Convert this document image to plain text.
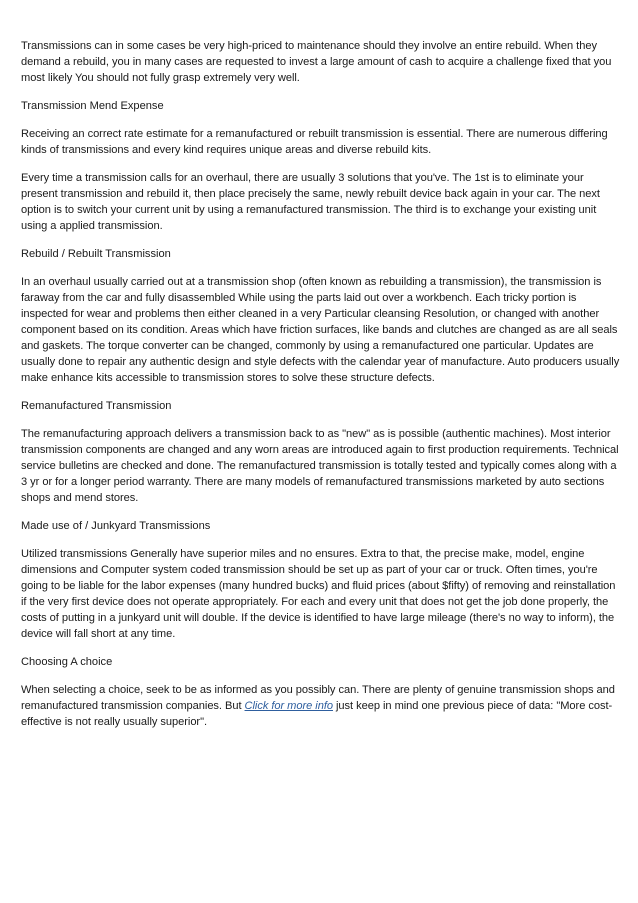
Transmissions can in some cases be very high-priced to maintenance should they involve an entire rebuild. When they demand a rebuild, you in many cases are requested to invest a large amount of cash to acquire a challenge fixed that you most likely You should not fully grasp extremely very well.

Transmission Mend Expense

Receiving an correct rate estimate for a remanufactured or rebuilt transmission is essential. There are numerous differing kinds of transmissions and every kind requires unique areas and diverse rebuild kits.

Every time a transmission calls for an overhaul, there are usually 3 solutions that you've. The 1st is to eliminate your present transmission and rebuild it, then place precisely the same, newly rebuilt device back again in your car. The next option is to switch your current unit by using a remanufactured transmission. The third is to exchange your existing unit using a applied transmission.

Rebuild / Rebuilt Transmission

In an overhaul usually carried out at a transmission shop (often known as rebuilding a transmission), the transmission is faraway from the car and fully disassembled While using the parts laid out over a workbench. Each tricky portion is inspected for wear and problems then either cleaned in a very Particular cleansing Resolution, or changed with another component based on its condition. Areas which have friction surfaces, like bands and clutches are changed as are all seals and gaskets. The torque converter can be changed, commonly by using a remanufactured one particular. Updates are usually done to repair any authentic design and style defects with the calendar year of manufacture. Auto producers usually make enhance kits accessible to transmission stores to solve these structure defects.

Remanufactured Transmission

The remanufacturing approach delivers a transmission back to as "new" as is possible (authentic machines). Most interior transmission components are changed and any worn areas are introduced again to first production requirements. Technical service bulletins are checked and done. The remanufactured transmission is totally tested and typically comes along with a 3 yr or for a longer period warranty. There are many models of remanufactured transmissions marketed by auto sections shops and mend stores.

Made use of / Junkyard Transmissions

Utilized transmissions Generally have superior miles and no ensures. Extra to that, the precise make, model, engine dimensions and Computer system coded transmission should be set up as part of your car or truck. Often times, you're going to be liable for the labor expenses (many hundred bucks) and fluid prices (about $fifty) of removing and reinstallation if the very first device does not operate appropriately. For each and every unit that does not get the job done properly, the costs of putting in a junkyard unit will double. If the device is identified to have large mileage (there's no way to inform), the device will fall short at any time.

Choosing A choice

When selecting a choice, seek to be as informed as you possibly can. There are plenty of genuine transmission shops and remanufactured transmission companies. But Click for more info just keep in mind one previous piece of data: "More cost-effective is not really usually superior".
